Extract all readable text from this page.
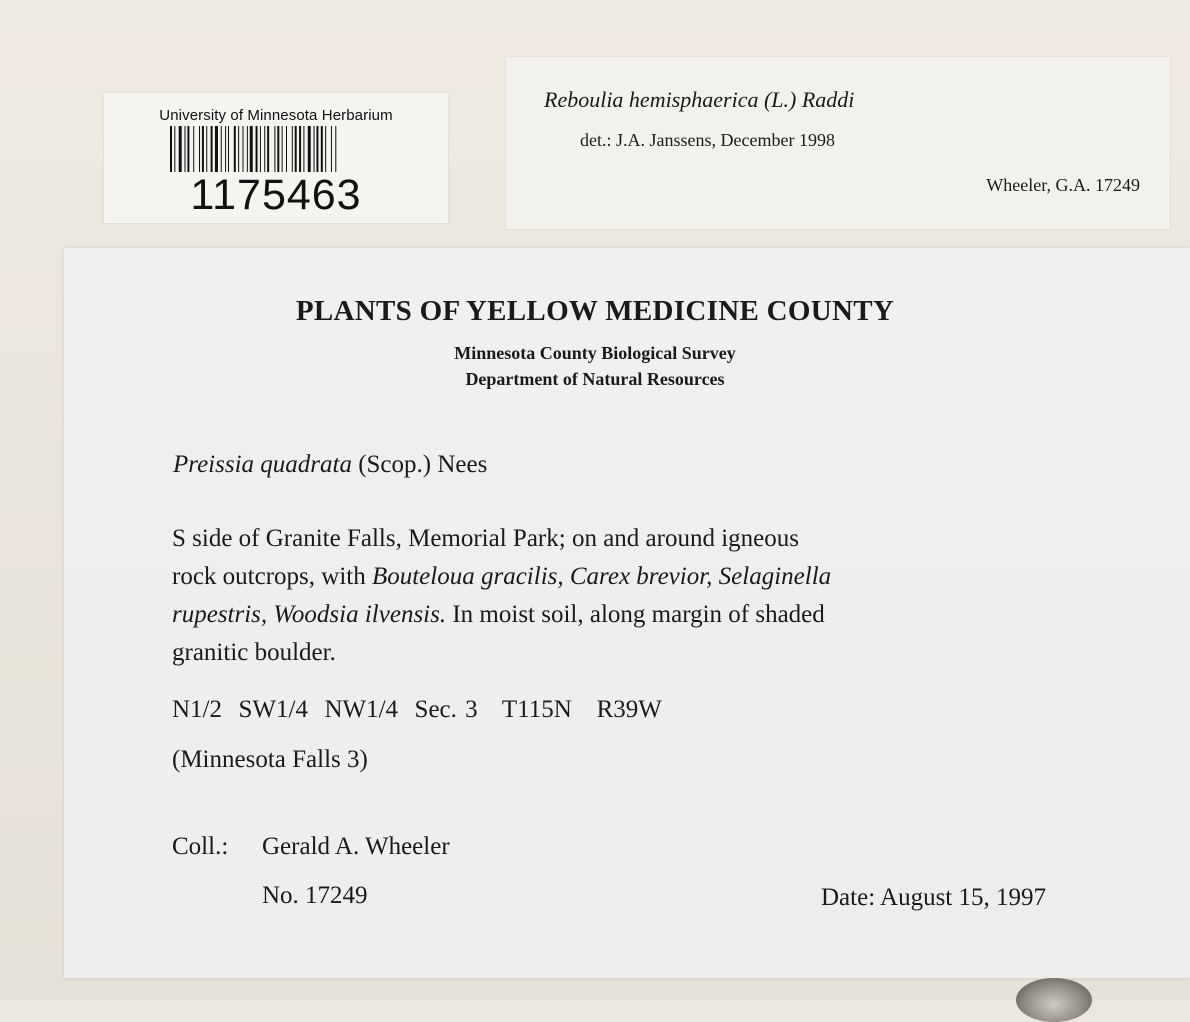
University of Minnesota Herbarium
1175463
Reboulia hemisphaerica (L.) Raddi
det.: J.A. Janssens, December 1998
Wheeler, G.A. 17249
PLANTS OF YELLOW MEDICINE COUNTY
Minnesota County Biological Survey
Department of Natural Resources
Preissia quadrata (Scop.) Nees
S side of Granite Falls, Memorial Park; on and around igneous
rock outcrops, with Bouteloua gracilis, Carex brevior, Selaginella
rupestris, Woodsia ilvensis. In moist soil, along margin of shaded
granitic boulder.
N1/2  SW1/4  NW1/4  Sec. 3   T115N   R39W
(Minnesota Falls 3)
Coll.: Gerald A. Wheeler
No. 17249	Date: August 15, 1997
